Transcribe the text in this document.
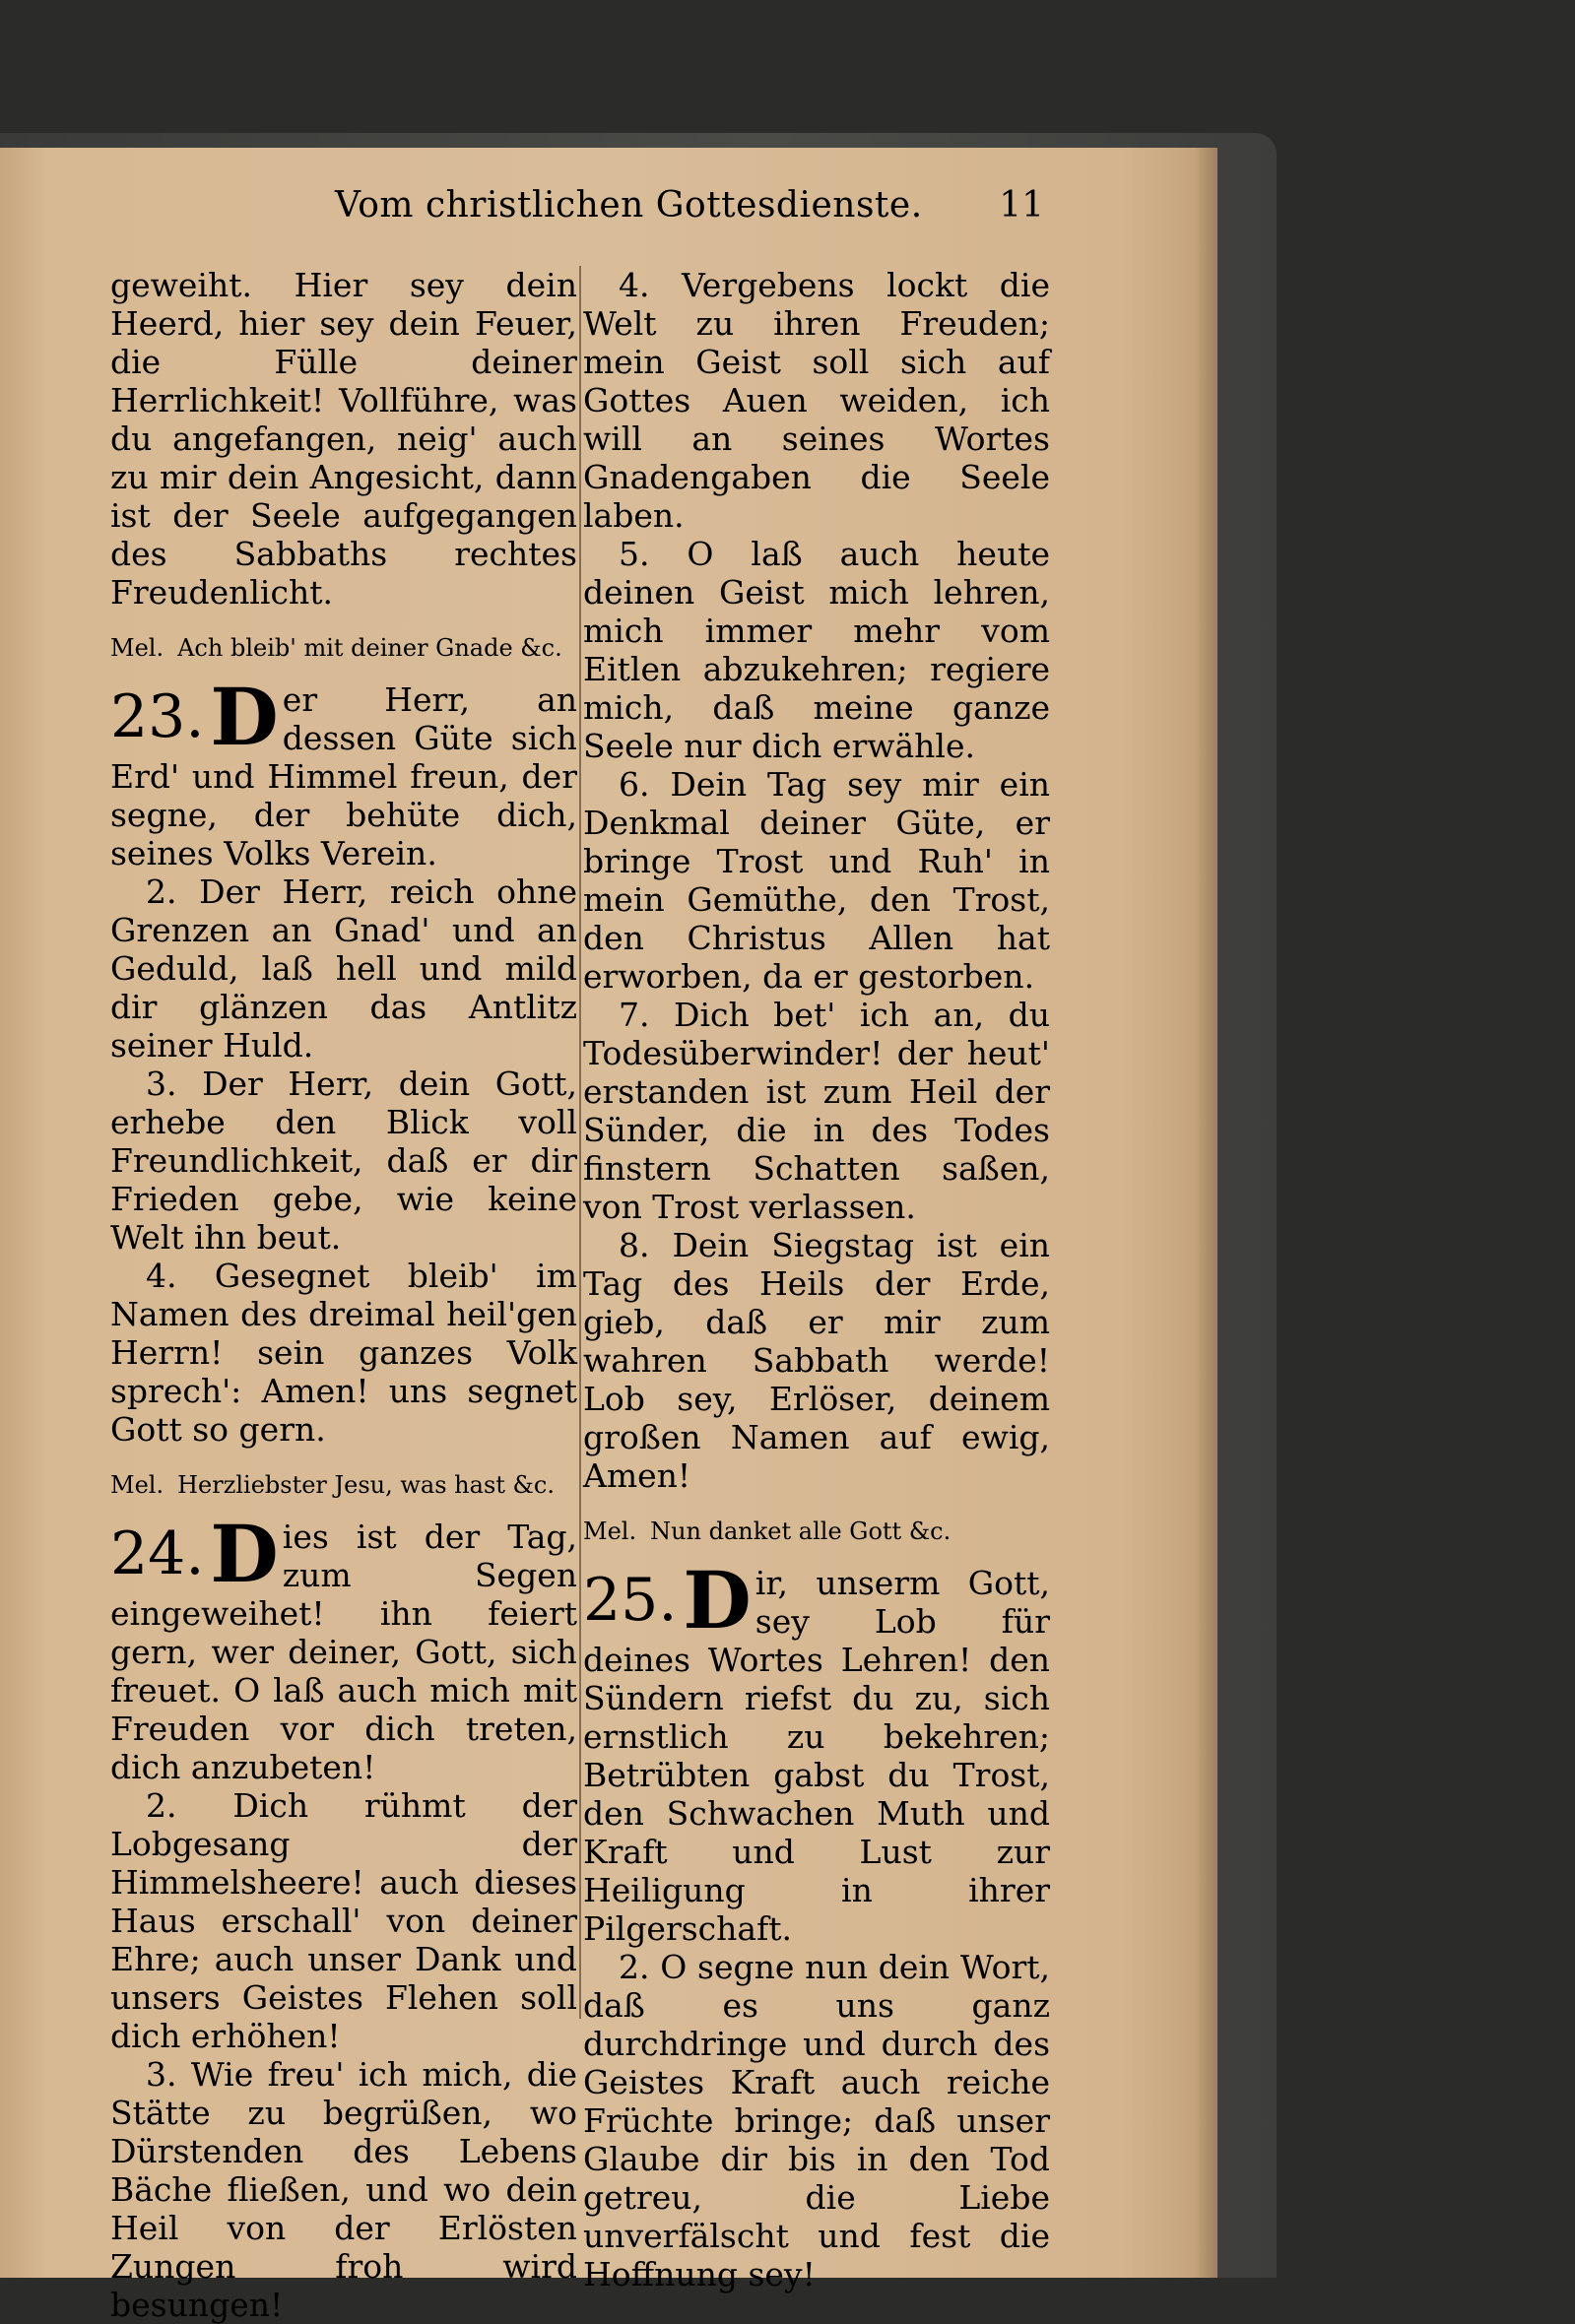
Vom christlichen Gottesdienste. 11

geweiht. Hier sey dein Heerd, hier sey dein Feuer, die Fülle deiner Herrlichkeit! Vollführe, was du angefangen, neig' auch zu mir dein Angesicht, dann ist der Seele aufgegangen des Sabbaths rechtes Freudenlicht.

Mel. Ach bleib' mit deiner Gnade &c.
23. D er Herr, an dessen Güte sich Erd' und Himmel freun, der segne, der behüte dich, seines Volks Verein.

2. Der Herr, reich ohne Grenzen an Gnad' und an Geduld, laß hell und mild dir glänzen das Antlitz seiner Huld.

3. Der Herr, dein Gott, erhebe den Blick voll Freundlichkeit, daß er dir Frieden gebe, wie keine Welt ihn beut.

4. Gesegnet bleib' im Namen des dreimal heil'gen Herrn! sein ganzes Volk sprech': Amen! uns segnet Gott so gern.

Mel. Herzliebster Jesu, was hast &c.
24. D ies ist der Tag, zum Segen eingeweihet! ihn feiert gern, wer deiner, Gott, sich freuet. O laß auch mich mit Freuden vor dich treten, dich anzubeten!

2. Dich rühmt der Lobgesang der Himmelsheere! auch dieses Haus erschall' von deiner Ehre; auch unser Dank und unsers Geistes Flehen soll dich erhöhen!

3. Wie freu' ich mich, die Stätte zu begrüßen, wo Dürstenden des Lebens Bäche fließen, und wo dein Heil von der Erlösten Zungen froh wird besungen!

4. Vergebens lockt die Welt zu ihren Freuden; mein Geist soll sich auf Gottes Auen weiden, ich will an seines Wortes Gnadengaben die Seele laben.

5. O laß auch heute deinen Geist mich lehren, mich immer mehr vom Eitlen abzukehren; regiere mich, daß meine ganze Seele nur dich erwähle.

6. Dein Tag sey mir ein Denkmal deiner Güte, er bringe Trost und Ruh' in mein Gemüthe, den Trost, den Christus Allen hat erworben, da er gestorben.

7. Dich bet' ich an, du Todesüberwinder! der heut' erstanden ist zum Heil der Sünder, die in des Todes finstern Schatten saßen, von Trost verlassen.

8. Dein Siegstag ist ein Tag des Heils der Erde, gieb, daß er mir zum wahren Sabbath werde! Lob sey, Erlöser, deinem großen Namen auf ewig, Amen!

Mel. Nun danket alle Gott &c.
25. D ir, unserm Gott, sey Lob für deines Wortes Lehren! den Sündern riefst du zu, sich ernstlich zu bekehren; Betrübten gabst du Trost, den Schwachen Muth und Kraft und Lust zur Heiligung in ihrer Pilgerschaft.

2. O segne nun dein Wort, daß es uns ganz durchdringe und durch des Geistes Kraft auch reiche Früchte bringe; daß unser Glaube dir bis in den Tod getreu, die Liebe unverfälscht und fest die Hoffnung sey!
